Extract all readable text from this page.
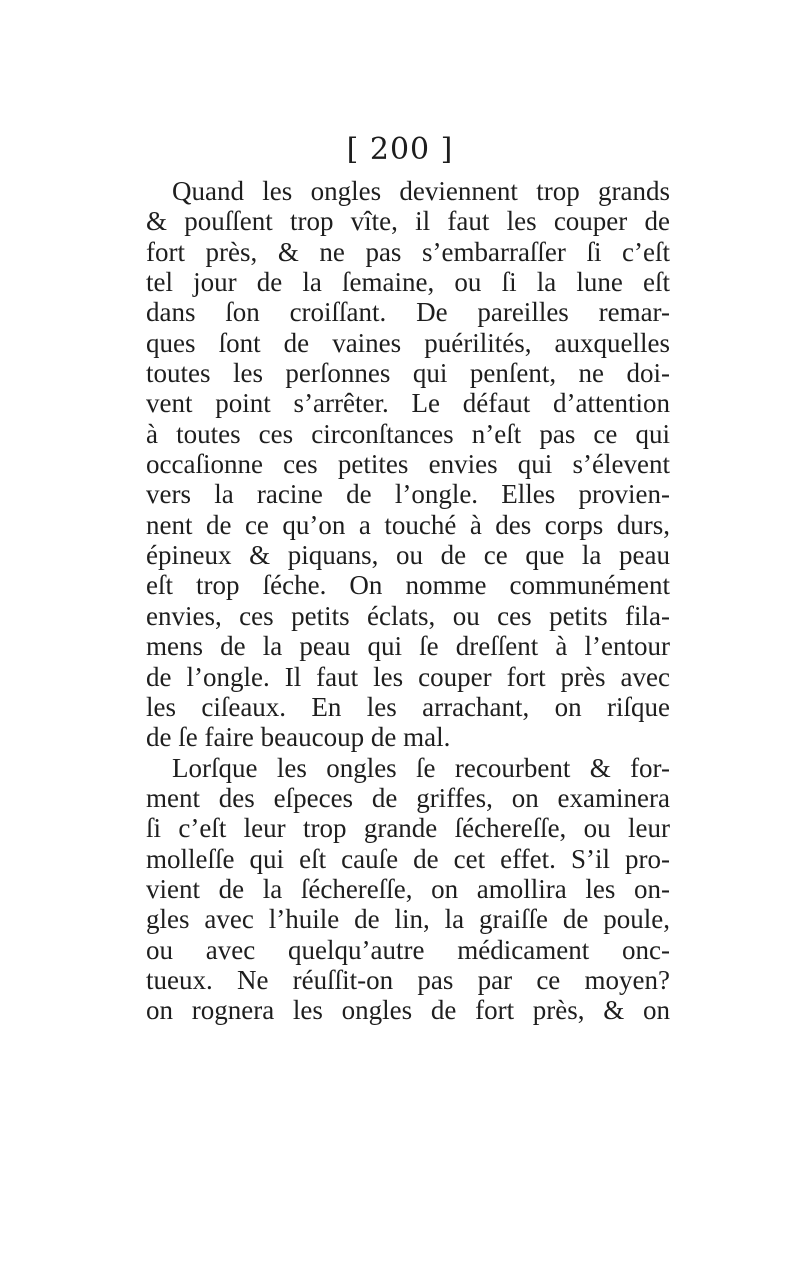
[ 200 ]
Quand les ongles deviennent trop grands
& pouſſent trop vîte, il faut les couper de
fort près, & ne pas s’embarraſſer ſi c’eſt
tel jour de la ſemaine, ou ſi la lune eſt
dans ſon croiſſant. De pareilles remar-
ques ſont de vaines puérilités, auxquelles
toutes les perſonnes qui penſent, ne doi-
vent point s’arrêter. Le défaut d’attention
à toutes ces circonſtances n’eſt pas ce qui
occaſionne ces petites envies qui s’élevent
vers la racine de l’ongle. Elles provien-
nent de ce qu’on a touché à des corps durs,
épineux & piquans, ou de ce que la peau
eſt trop ſéche. On nomme communément
envies, ces petits éclats, ou ces petits fila-
mens de la peau qui ſe dreſſent à l’entour
de l’ongle. Il faut les couper fort près avec
les ciſeaux. En les arrachant, on riſque
de ſe faire beaucoup de mal.
Lorſque les ongles ſe recourbent & for-
ment des eſpeces de griffes, on examinera
ſi c’eſt leur trop grande ſéchereſſe, ou leur
molleſſe qui eſt cauſe de cet effet. S’il pro-
vient de la ſéchereſſe, on amollira les on-
gles avec l’huile de lin, la graiſſe de poule,
ou avec quelqu’autre médicament onc-
tueux. Ne réuſſit-on pas par ce moyen?
on rognera les ongles de fort près, & on
